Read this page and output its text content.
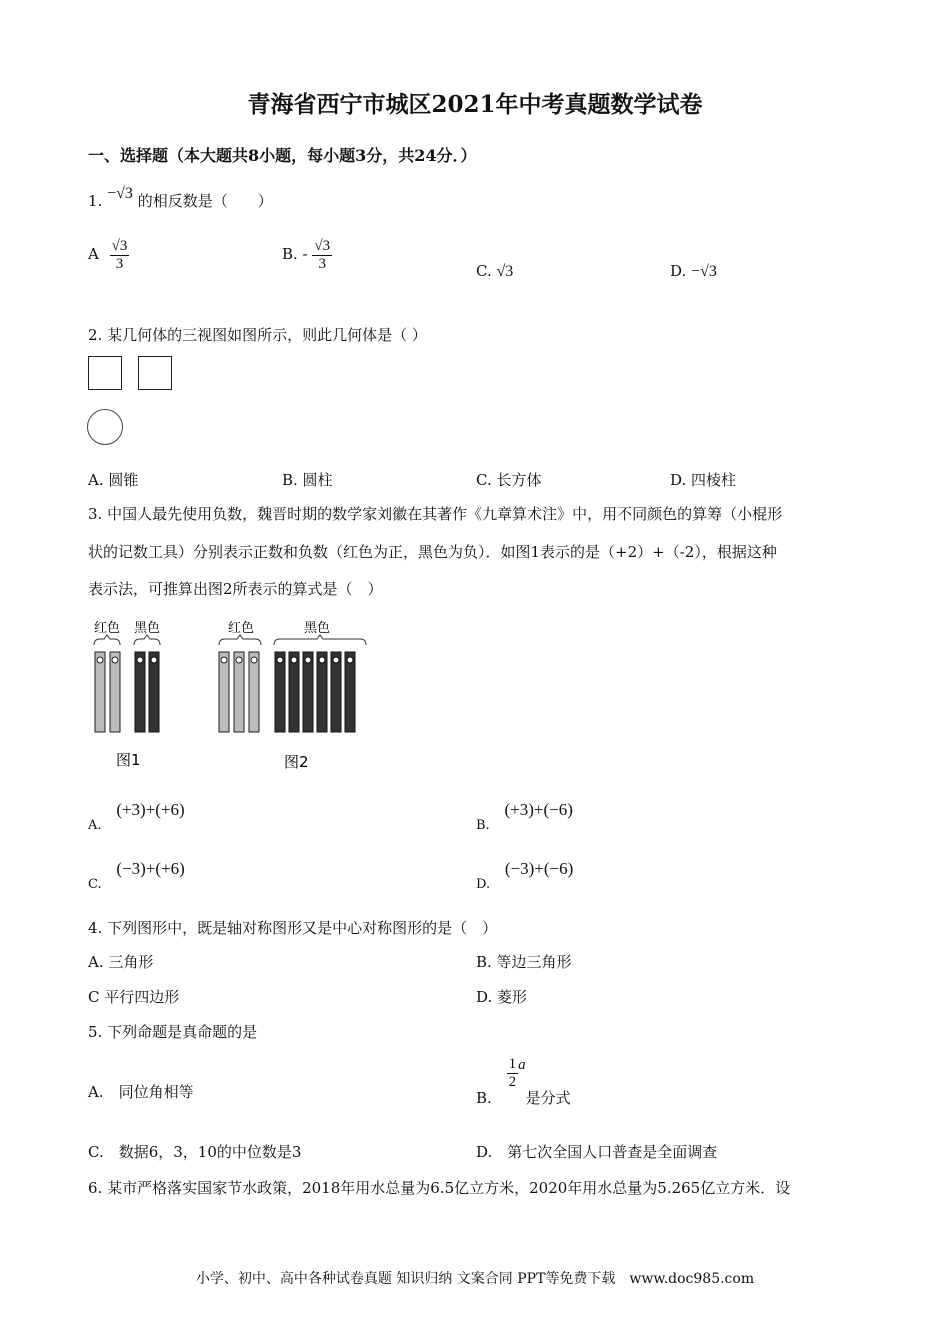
青海省西宁市城区2021年中考真题数学试卷
一、选择题（本大题共8小题，每小题3分，共24分．）
1. −√3 的相反数是（　　）
A $\frac{√3}{3}$	B. - $\frac{√3}{3}$	C. √3	D. −√3
2. 某几何体的三视图如图所示，则此几何体是（ ）
A. 圆锥	B. 圆柱	C. 长方体	D. 四棱柱
3. 中国人最先使用负数，魏晋时期的数学家刘徽在其著作《九章算术注》中，用不同颜色的算筹（小棍形
状的记数工具）分别表示正数和负数（红色为正，黑色为负）．如图1表示的是（+2）+（-2），根据这种
表示法，可推算出图2所表示的算式是（　）
红色 黑色
图1
红色	黑色
图2
A. (+3)+(+6)
B. (+3)+(−6)
C. (−3)+(+6)
D. (−3)+(−6)
4. 下列图形中，既是轴对称图形又是中心对称图形的是（　）
A. 三角形	B. 等边三角形
C 平行四边形	D. 菱形
5. 下列命题是真命题的是
A.　同位角相等	B.
$\frac{1}{2}$ a是分式
C.　数据6，3，10的中位数是3	D.　第七次全国人口普查是全面调查
6. 某市严格落实国家节水政策，2018年用水总量为6.5亿立方米，2020年用水总量为5.265亿立方米．设
小学、初中、高中各种试卷真题 知识归纳 文案合同 PPT等免费下载　www.doc985.com
